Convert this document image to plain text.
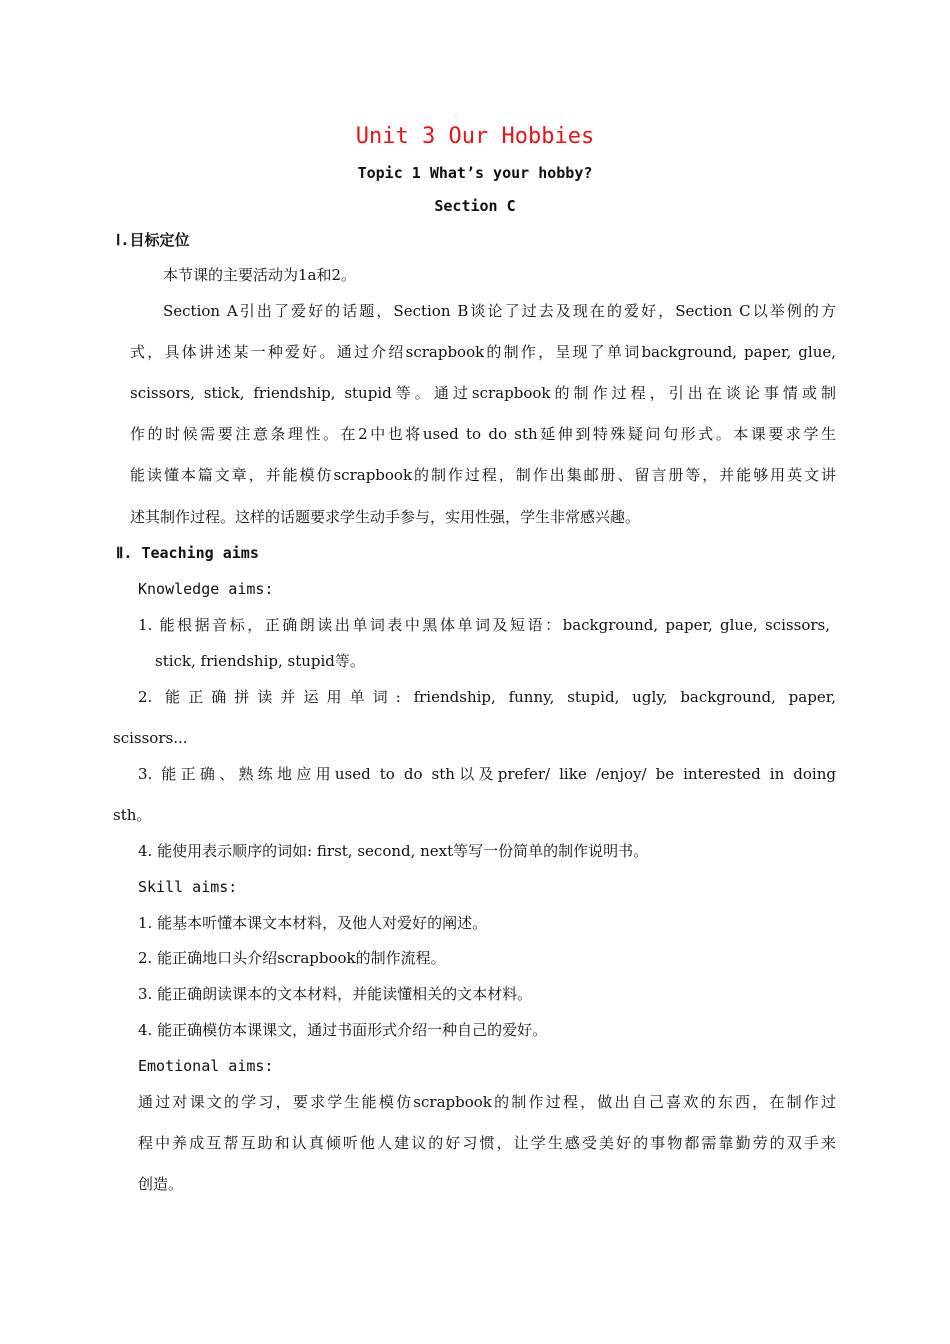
Unit 3 Our Hobbies
Topic 1 What’s your hobby?
Section C
Ⅰ.目标定位
本节课的主要活动为1a和2。
Section A引出了爱好的话题，Section B谈论了过去及现在的爱好，Section C以举例的方
式，具体讲述某一种爱好。通过介绍scrapbook的制作，呈现了单词background, paper, glue,
scissors, stick, friendship, stupid等。通过scrapbook的制作过程，引出在谈论事情或制
作的时候需要注意条理性。在2中也将used to do sth延伸到特殊疑问句形式。本课要求学生
能读懂本篇文章，并能模仿scrapbook的制作过程，制作出集邮册、留言册等，并能够用英文讲
述其制作过程。这样的话题要求学生动手参与，实用性强，学生非常感兴趣。
Ⅱ. Teaching aims
Knowledge aims:
1. 能根据音标，正确朗读出单词表中黑体单词及短语：background, paper, glue, scissors,
stick, friendship, stupid等。
2. 能正确拼读并运用单词: friendship, funny, stupid, ugly, background, paper,
scissors...
3. 能正确、熟练地应用used to do sth以及prefer/ like /enjoy/ be interested in doing
sth。
4. 能使用表示顺序的词如: first, second, next等写一份简单的制作说明书。
Skill aims:
1. 能基本听懂本课文本材料，及他人对爱好的阐述。
2. 能正确地口头介绍scrapbook的制作流程。
3. 能正确朗读课本的文本材料，并能读懂相关的文本材料。
4. 能正确模仿本课课文，通过书面形式介绍一种自己的爱好。
Emotional aims:
通过对课文的学习，要求学生能模仿scrapbook的制作过程，做出自己喜欢的东西，在制作过
程中养成互帮互助和认真倾听他人建议的好习惯，让学生感受美好的事物都需靠勤劳的双手来
创造。
